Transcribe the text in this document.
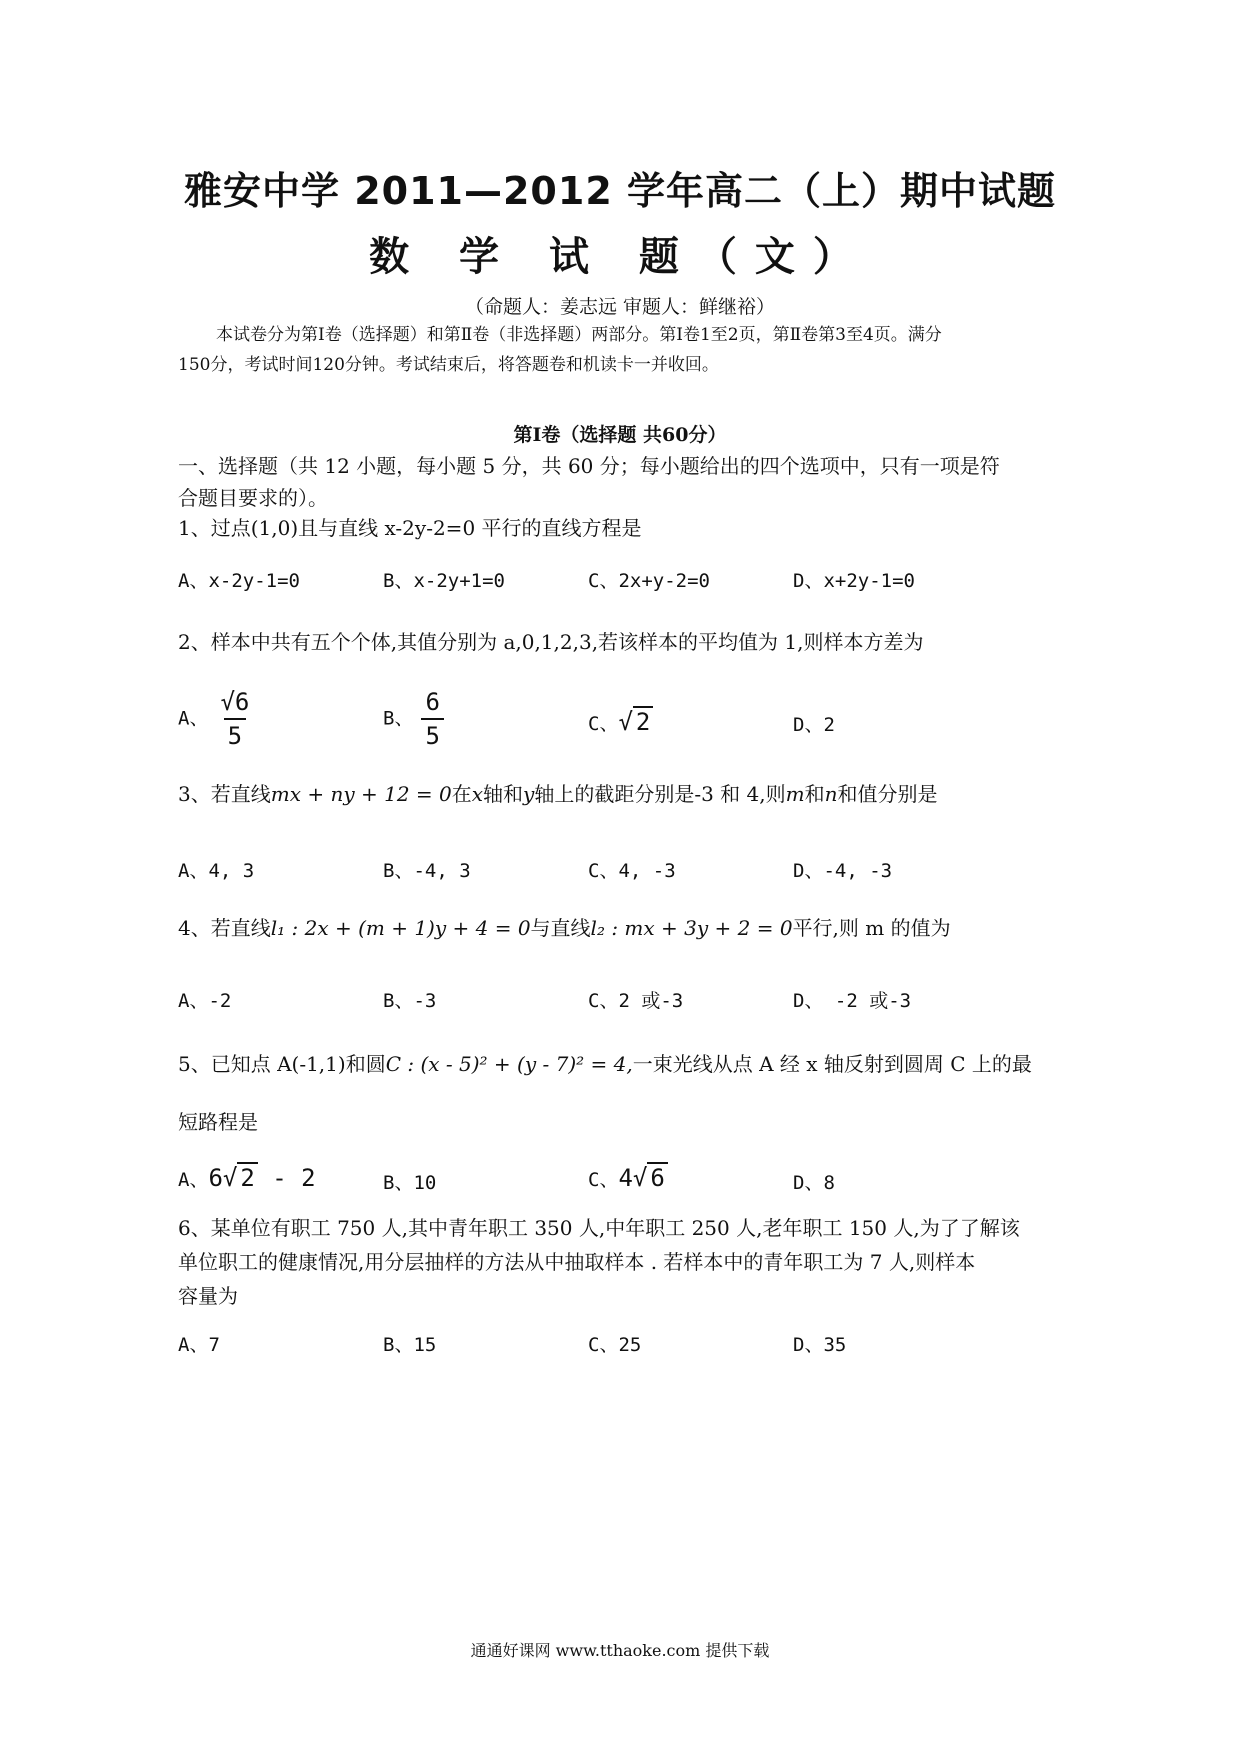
雅安中学 2011—2012 学年高二（上）期中试题
数 学 试 题（文）
（命题人：姜志远 审题人：鲜继裕）
本试卷分为第Ⅰ卷（选择题）和第Ⅱ卷（非选择题）两部分。第Ⅰ卷1至2页，第Ⅱ卷第3至4页。满分
150分，考试时间120分钟。考试结束后，将答题卷和机读卡一并收回。
第Ⅰ卷（选择题 共60分）
一、选择题（共 12 小题，每小题 5 分，共 60 分；每小题给出的四个选项中，只有一项是符
合题目要求的）。
1、过点(1,0)且与直线 x-2y-2=0 平行的直线方程是
A、x-2y-1=0	B、x-2y+1=0	C、2x+y-2=0	D、x+2y-1=0
2、样本中共有五个个体,其值分别为 a,0,1,2,3,若该样本的平均值为 1,则样本方差为
A、 $\frac{√6}{5}$	B、 $\frac{6}{5}$	C、√ 2	D、2
3、若直线mx + ny + 12 = 0在x轴和y轴上的截距分别是-3 和 4,则m和n和值分别是
A、4, 3	B、-4, 3	C、4, -3	D、-4, -3
4、若直线l₁ : 2x + (m + 1)y + 4 = 0与直线l₂ : mx + 3y + 2 = 0平行,则 m 的值为
A、-2	B、-3	C、2 或-3	D、 -2 或-3
5、已知点 A(-1,1)和圆C : (x - 5)² + (y - 7)² = 4,一束光线从点 A 经 x 轴反射到圆周 C 上的最
短路程是
A、6√ 2 - 2	B、10	C、4√ 6	D、8
6、某单位有职工 750 人,其中青年职工 350 人,中年职工 250 人,老年职工 150 人,为了了解该
单位职工的健康情况,用分层抽样的方法从中抽取样本 . 若样本中的青年职工为 7 人,则样本
容量为
A、7	B、15	C、25	D、35
通通好课网 www.tthaoke.com 提供下载
